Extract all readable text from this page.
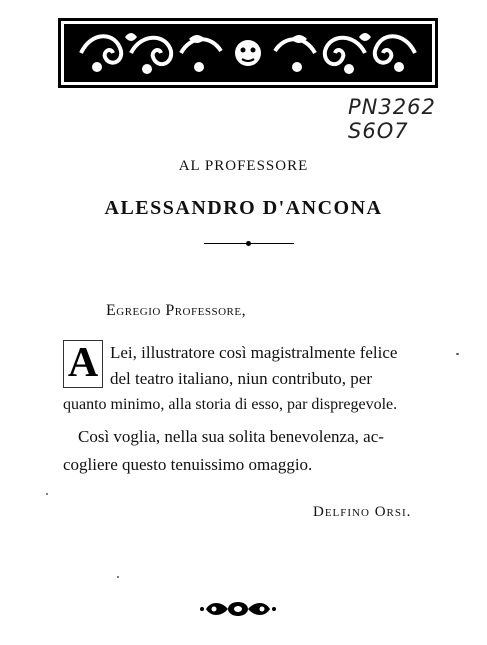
PN3262
S6O7
AL PROFESSORE
ALESSANDRO D'ANCONA
Egregio Professore,
A Lei, illustratore così magistralmente felice
del teatro italiano, niun contributo, per
quanto minimo, alla storia di esso, par dispregevole.
Così voglia, nella sua solita benevolenza, ac-
cogliere questo tenuissimo omaggio.
Delfino Orsi.
